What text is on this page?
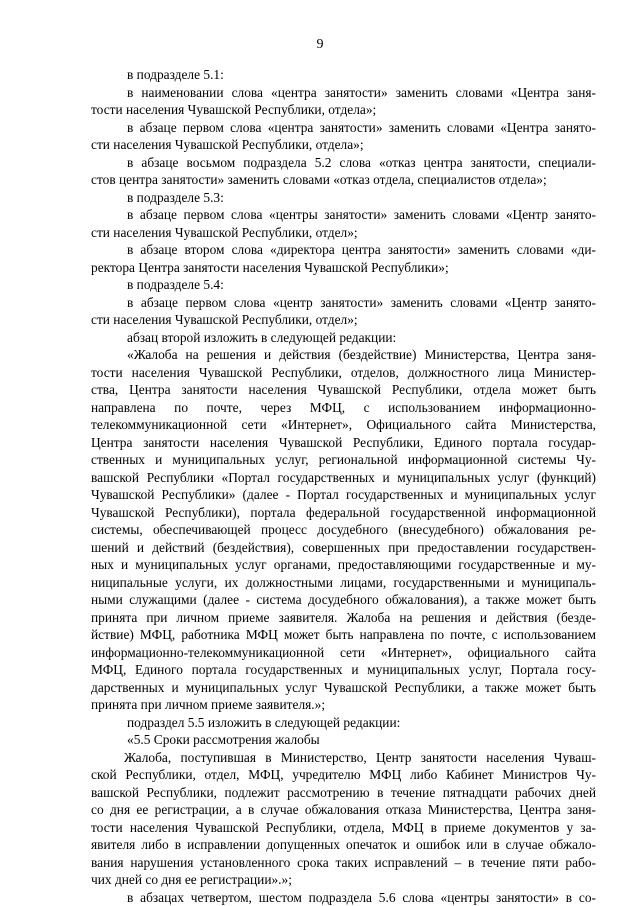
9
в подразделе 5.1:
в наименовании слова «центра занятости» заменить словами «Центра заня-
тости населения Чувашской Республики, отдела»;
в абзаце первом слова «центра занятости» заменить словами «Центра занято-
сти населения Чувашской Республики, отдела»;
в абзаце восьмом подраздела 5.2 слова «отказ центра занятости, специали-
стов центра занятости» заменить словами «отказ отдела, специалистов отдела»;
в подразделе 5.3:
в абзаце первом слова «центры занятости» заменить словами «Центр занято-
сти населения Чувашской Республики, отдел»;
в абзаце втором слова «директора центра занятости» заменить словами «ди-
ректора Центра занятости населения Чувашской Республики»;
в подразделе 5.4:
в абзаце первом слова «центр занятости» заменить словами «Центр занято-
сти населения Чувашской Республики, отдел»;
абзац второй изложить в следующей редакции:
«Жалоба на решения и действия (бездействие) Министерства, Центра заня-
тости населения Чувашской Республики, отделов, должностного лица Министер-
ства, Центра занятости населения Чувашской Республики, отдела может быть
направлена по почте, через МФЦ, с использованием информационно-
телекоммуникационной сети «Интернет», Официального сайта Министерства,
Центра занятости населения Чувашской Республики, Единого портала государ-
ственных и муниципальных услуг, региональной информационной системы Чу-
вашской Республики «Портал государственных и муниципальных услуг (функций)
Чувашской Республики» (далее - Портал государственных и муниципальных услуг
Чувашской Республики), портала федеральной государственной информационной
системы, обеспечивающей процесс досудебного (внесудебного) обжалования ре-
шений и действий (бездействия), совершенных при предоставлении государствен-
ных и муниципальных услуг органами, предоставляющими государственные и му-
ниципальные услуги, их должностными лицами, государственными и муниципаль-
ными служащими (далее - система досудебного обжалования), а также может быть
принята при личном приеме заявителя. Жалоба на решения и действия (безде-
йствие) МФЦ, работника МФЦ может быть направлена по почте, с использованием
информационно-телекоммуникационной сети «Интернет», официального сайта
МФЦ, Единого портала государственных и муниципальных услуг, Портала госу-
дарственных и муниципальных услуг Чувашской Республики, а также может быть
принята при личном приеме заявителя.»;
подраздел 5.5 изложить в следующей редакции:
«5.5 Сроки рассмотрения жалобы
Жалоба, поступившая в Министерство, Центр занятости населения Чуваш-
ской Республики, отдел, МФЦ, учредителю МФЦ либо Кабинет Министров Чу-
вашской Республики, подлежит рассмотрению в течение пятнадцати рабочих дней
со дня ее регистрации, а в случае обжалования отказа Министерства, Центра заня-
тости населения Чувашской Республики, отдела, МФЦ в приеме документов у за-
явителя либо в исправлении допущенных опечаток и ошибок или в случае обжало-
вания нарушения установленного срока таких исправлений – в течение пяти рабо-
чих дней со дня ее регистрации».»;
в абзацах четвертом, шестом подраздела 5.6 слова «центры занятости» в со-
